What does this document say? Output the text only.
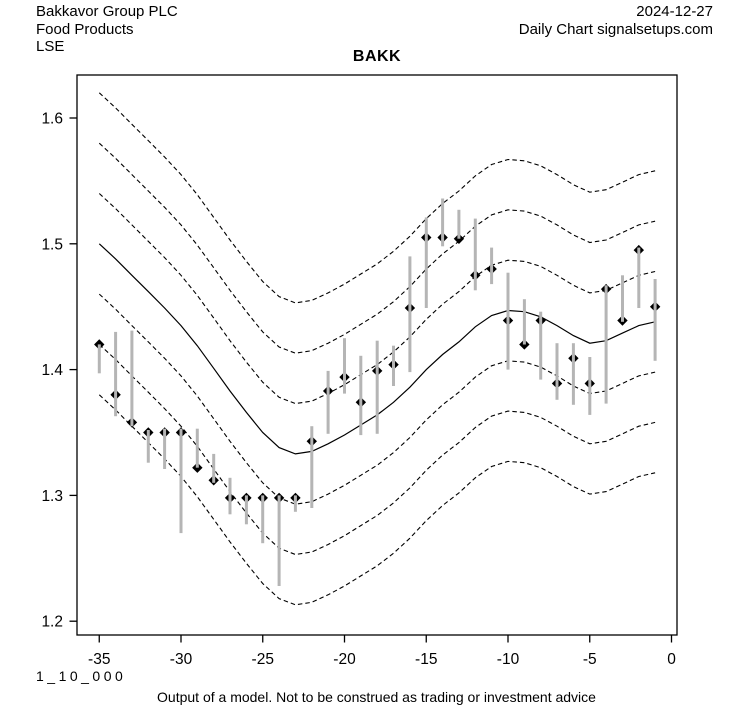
Bakkavor Group PLC
Food Products
LSE
2024-12-27
Daily Chart signalsetups.com
BAKK
1.2
1.3
1.4
1.5
1.6
-35	-30	-25	-20	-15	-10	-5	0
1_10_000
Output of a model. Not to be construed as trading or investment advice
